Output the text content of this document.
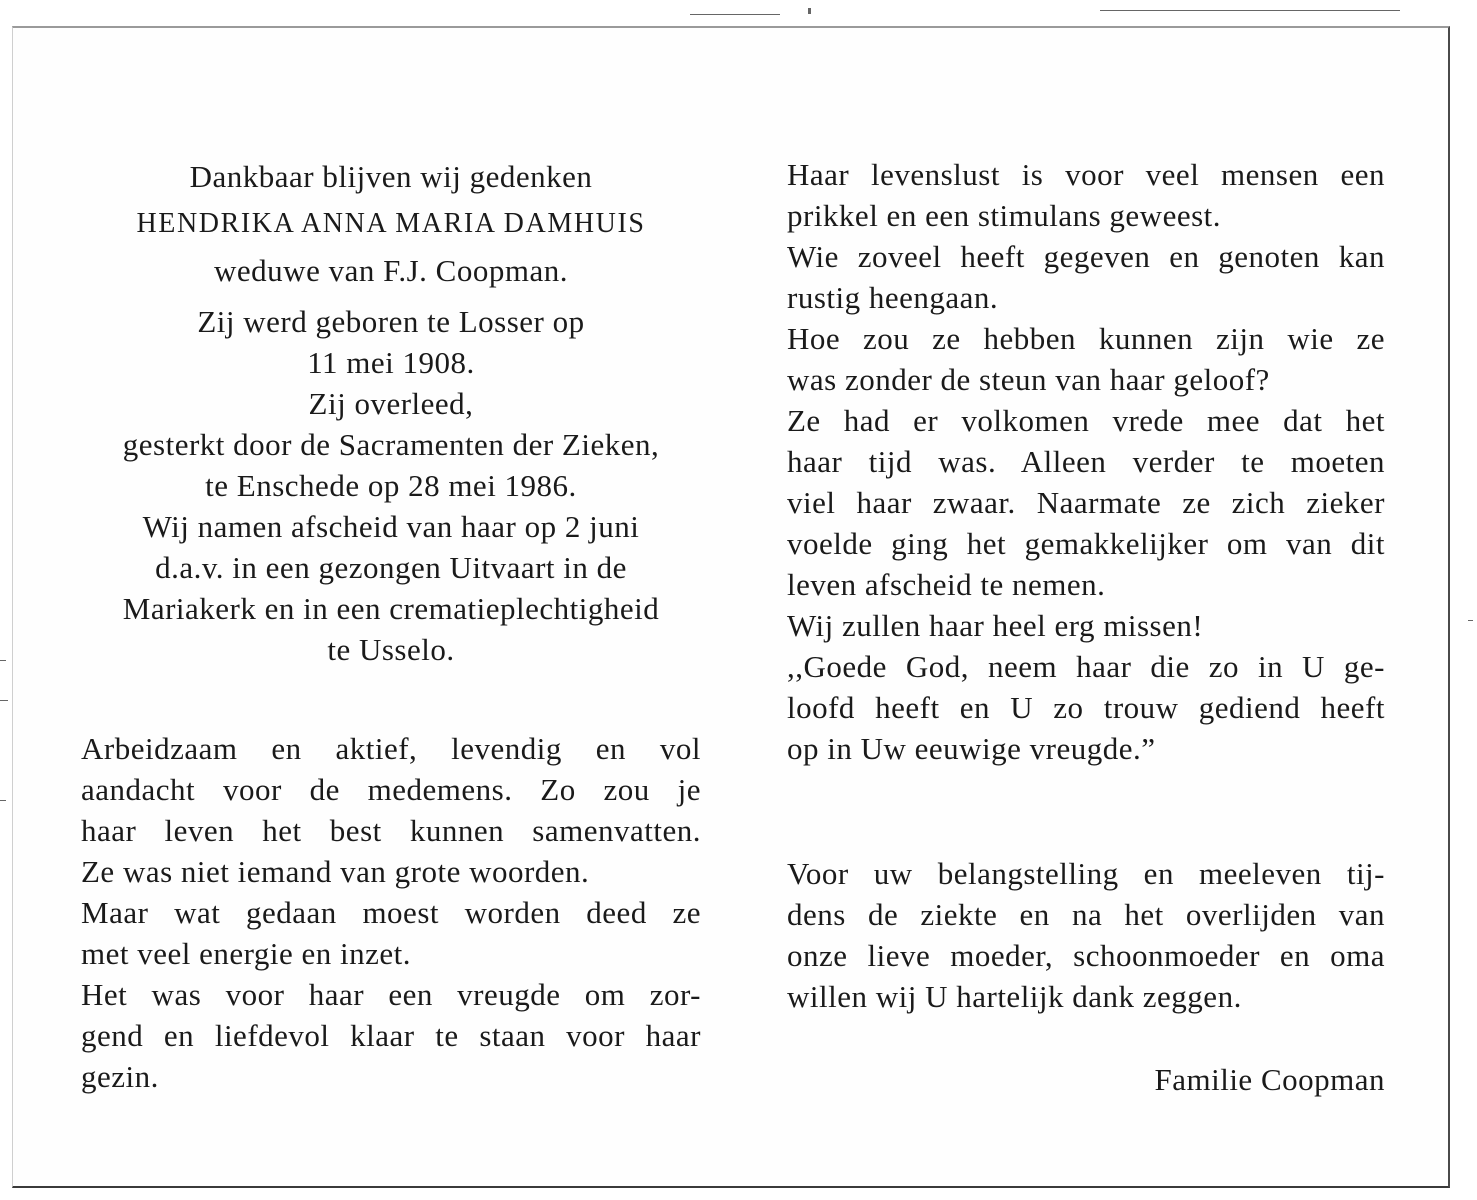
Dankbaar blijven wij gedenken
HENDRIKA ANNA MARIA DAMHUIS
weduwe van F.J. Coopman.
Zij werd geboren te Losser op
11 mei 1908.
Zij overleed,
gesterkt door de Sacramenten der Zieken,
te Enschede op 28 mei 1986.
Wij namen afscheid van haar op 2 juni
d.a.v. in een gezongen Uitvaart in de
Mariakerk en in een crematieplechtigheid
te Usselo.
Arbeidzaam en aktief, levendig en vol
aandacht voor de medemens. Zo zou je
haar leven het best kunnen samenvatten.
Ze was niet iemand van grote woorden.
Maar wat gedaan moest worden deed ze
met veel energie en inzet.
Het was voor haar een vreugde om zor-
gend en liefdevol klaar te staan voor haar
gezin.
Haar levenslust is voor veel mensen een
prikkel en een stimulans geweest.
Wie zoveel heeft gegeven en genoten kan
rustig heengaan.
Hoe zou ze hebben kunnen zijn wie ze
was zonder de steun van haar geloof?
Ze had er volkomen vrede mee dat het
haar tijd was. Alleen verder te moeten
viel haar zwaar. Naarmate ze zich zieker
voelde ging het gemakkelijker om van dit
leven afscheid te nemen.
Wij zullen haar heel erg missen!
,,Goede God, neem haar die zo in U ge-
loofd heeft en U zo trouw gediend heeft
op in Uw eeuwige vreugde.”
Voor uw belangstelling en meeleven tij-
dens de ziekte en na het overlijden van
onze lieve moeder, schoonmoeder en oma
willen wij U hartelijk dank zeggen.
Familie Coopman
